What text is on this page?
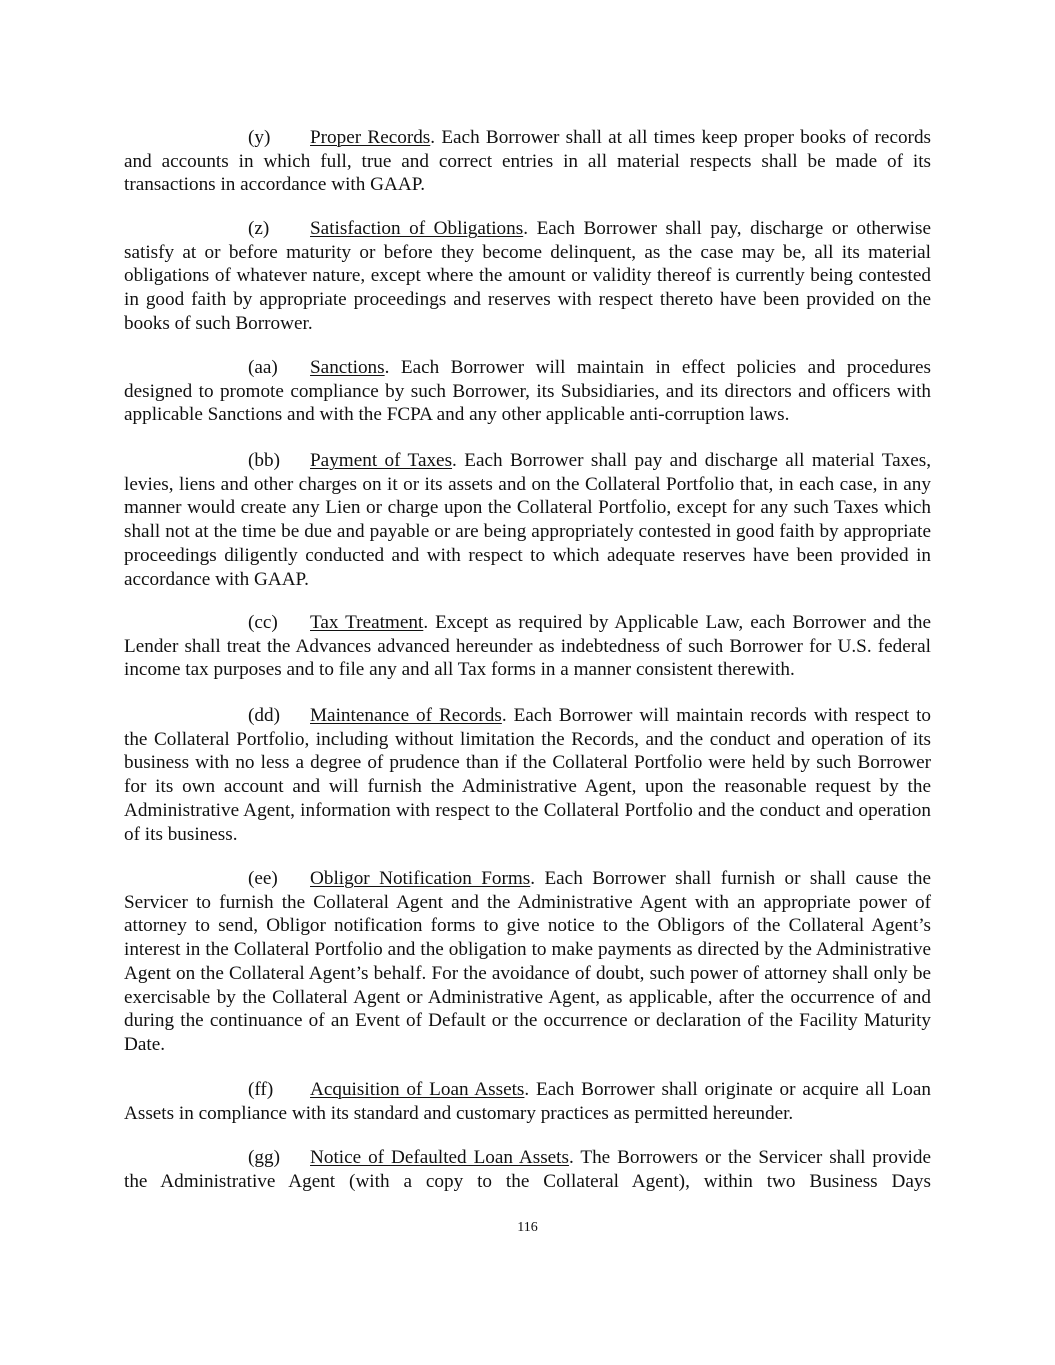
(y) Proper Records. Each Borrower shall at all times keep proper books of records and accounts in which full, true and correct entries in all material respects shall be made of its transactions in accordance with GAAP.

(z) Satisfaction of Obligations. Each Borrower shall pay, discharge or otherwise satisfy at or before maturity or before they become delinquent, as the case may be, all its material obligations of whatever nature, except where the amount or validity thereof is currently being contested in good faith by appropriate proceedings and reserves with respect thereto have been provided on the books of such Borrower.

(aa) Sanctions. Each Borrower will maintain in effect policies and procedures designed to promote compliance by such Borrower, its Subsidiaries, and its directors and officers with applicable Sanctions and with the FCPA and any other applicable anti-corruption laws.

(bb) Payment of Taxes. Each Borrower shall pay and discharge all material Taxes, levies, liens and other charges on it or its assets and on the Collateral Portfolio that, in each case, in any manner would create any Lien or charge upon the Collateral Portfolio, except for any such Taxes which shall not at the time be due and payable or are being appropriately contested in good faith by appropriate proceedings diligently conducted and with respect to which adequate reserves have been provided in accordance with GAAP.

(cc) Tax Treatment. Except as required by Applicable Law, each Borrower and the Lender shall treat the Advances advanced hereunder as indebtedness of such Borrower for U.S. federal income tax purposes and to file any and all Tax forms in a manner consistent therewith.

(dd) Maintenance of Records. Each Borrower will maintain records with respect to the Collateral Portfolio, including without limitation the Records, and the conduct and operation of its business with no less a degree of prudence than if the Collateral Portfolio were held by such Borrower for its own account and will furnish the Administrative Agent, upon the reasonable request by the Administrative Agent, information with respect to the Collateral Portfolio and the conduct and operation of its business.

(ee) Obligor Notification Forms. Each Borrower shall furnish or shall cause the Servicer to furnish the Collateral Agent and the Administrative Agent with an appropriate power of attorney to send, Obligor notification forms to give notice to the Obligors of the Collateral Agent’s interest in the Collateral Portfolio and the obligation to make payments as directed by the Administrative Agent on the Collateral Agent’s behalf. For the avoidance of doubt, such power of attorney shall only be exercisable by the Collateral Agent or Administrative Agent, as applicable, after the occurrence of and during the continuance of an Event of Default or the occurrence or declaration of the Facility Maturity Date.

(ff) Acquisition of Loan Assets. Each Borrower shall originate or acquire all Loan Assets in compliance with its standard and customary practices as permitted hereunder.

(gg) Notice of Defaulted Loan Assets. The Borrowers or the Servicer shall provide the Administrative Agent (with a copy to the Collateral Agent), within two Business Days

116
